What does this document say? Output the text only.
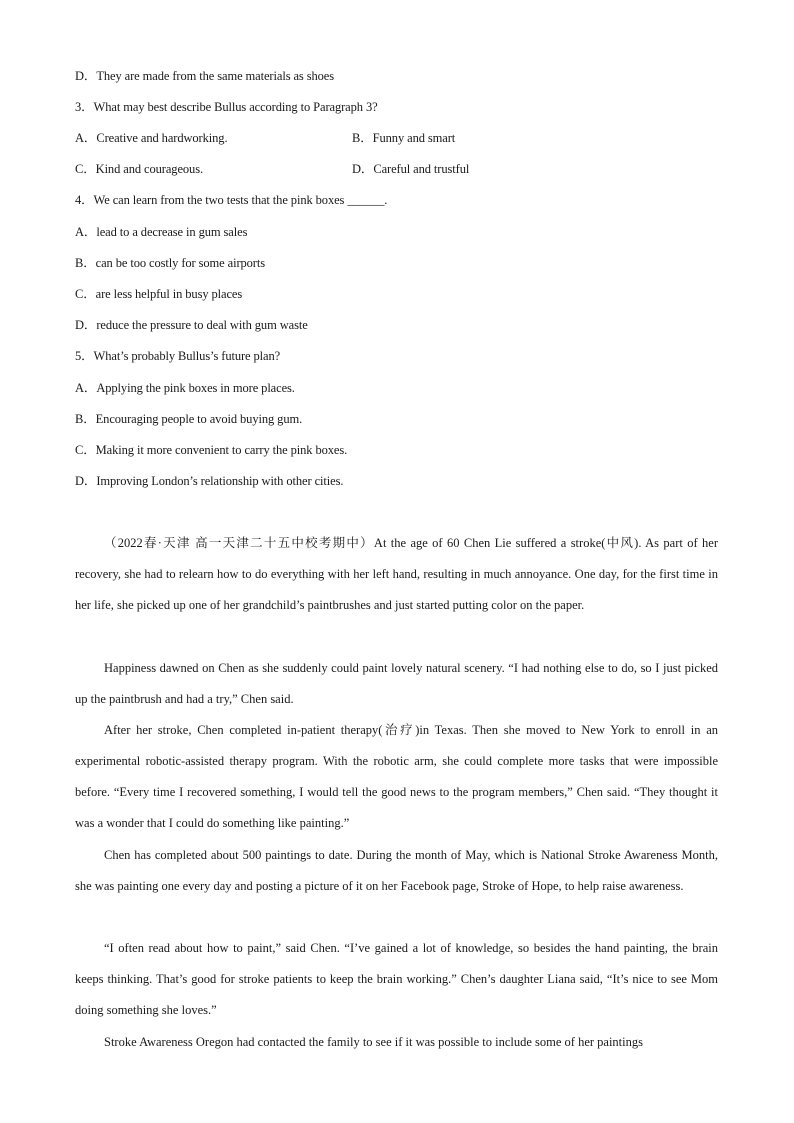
D．They are made from the same materials as shoes
3．What may best describe Bullus according to Paragraph 3?
A．Creative and hardworking.	B．Funny and smart
C．Kind and courageous.	D．Careful and trustful
4．We can learn from the two tests that the pink boxes ______.
A．lead to a decrease in gum sales
B．can be too costly for some airports
C．are less helpful in busy places
D．reduce the pressure to deal with gum waste
5．What’s probably Bullus’s future plan?
A．Applying the pink boxes in more places.
B．Encouraging people to avoid buying gum.
C．Making it more convenient to carry the pink boxes.
D．Improving London’s relationship with other cities.
（2022春·天津 高一天津二十五中校考期中）At the age of 60 Chen Lie suffered a stroke(中风). As part of her recovery, she had to relearn how to do everything with her left hand, resulting in much annoyance. One day, for the first time in her life, she picked up one of her grandchild’s paintbrushes and just started putting color on the paper.
Happiness dawned on Chen as she suddenly could paint lovely natural scenery. “I had nothing else to do, so I just picked up the paintbrush and had a try,” Chen said.
After her stroke, Chen completed in-patient therapy(治疗)in Texas. Then she moved to New York to enroll in an experimental robotic-assisted therapy program. With the robotic arm, she could complete more tasks that were impossible before. “Every time I recovered something, I would tell the good news to the program members,” Chen said. “They thought it was a wonder that I could do something like painting.”
Chen has completed about 500 paintings to date. During the month of May, which is National Stroke Awareness Month, she was painting one every day and posting a picture of it on her Facebook page, Stroke of Hope, to help raise awareness.
“I often read about how to paint,” said Chen. “I’ve gained a lot of knowledge, so besides the hand painting, the brain keeps thinking. That’s good for stroke patients to keep the brain working.” Chen’s daughter Liana said, “It’s nice to see Mom doing something she loves.”
Stroke Awareness Oregon had contacted the family to see if it was possible to include some of her paintings
